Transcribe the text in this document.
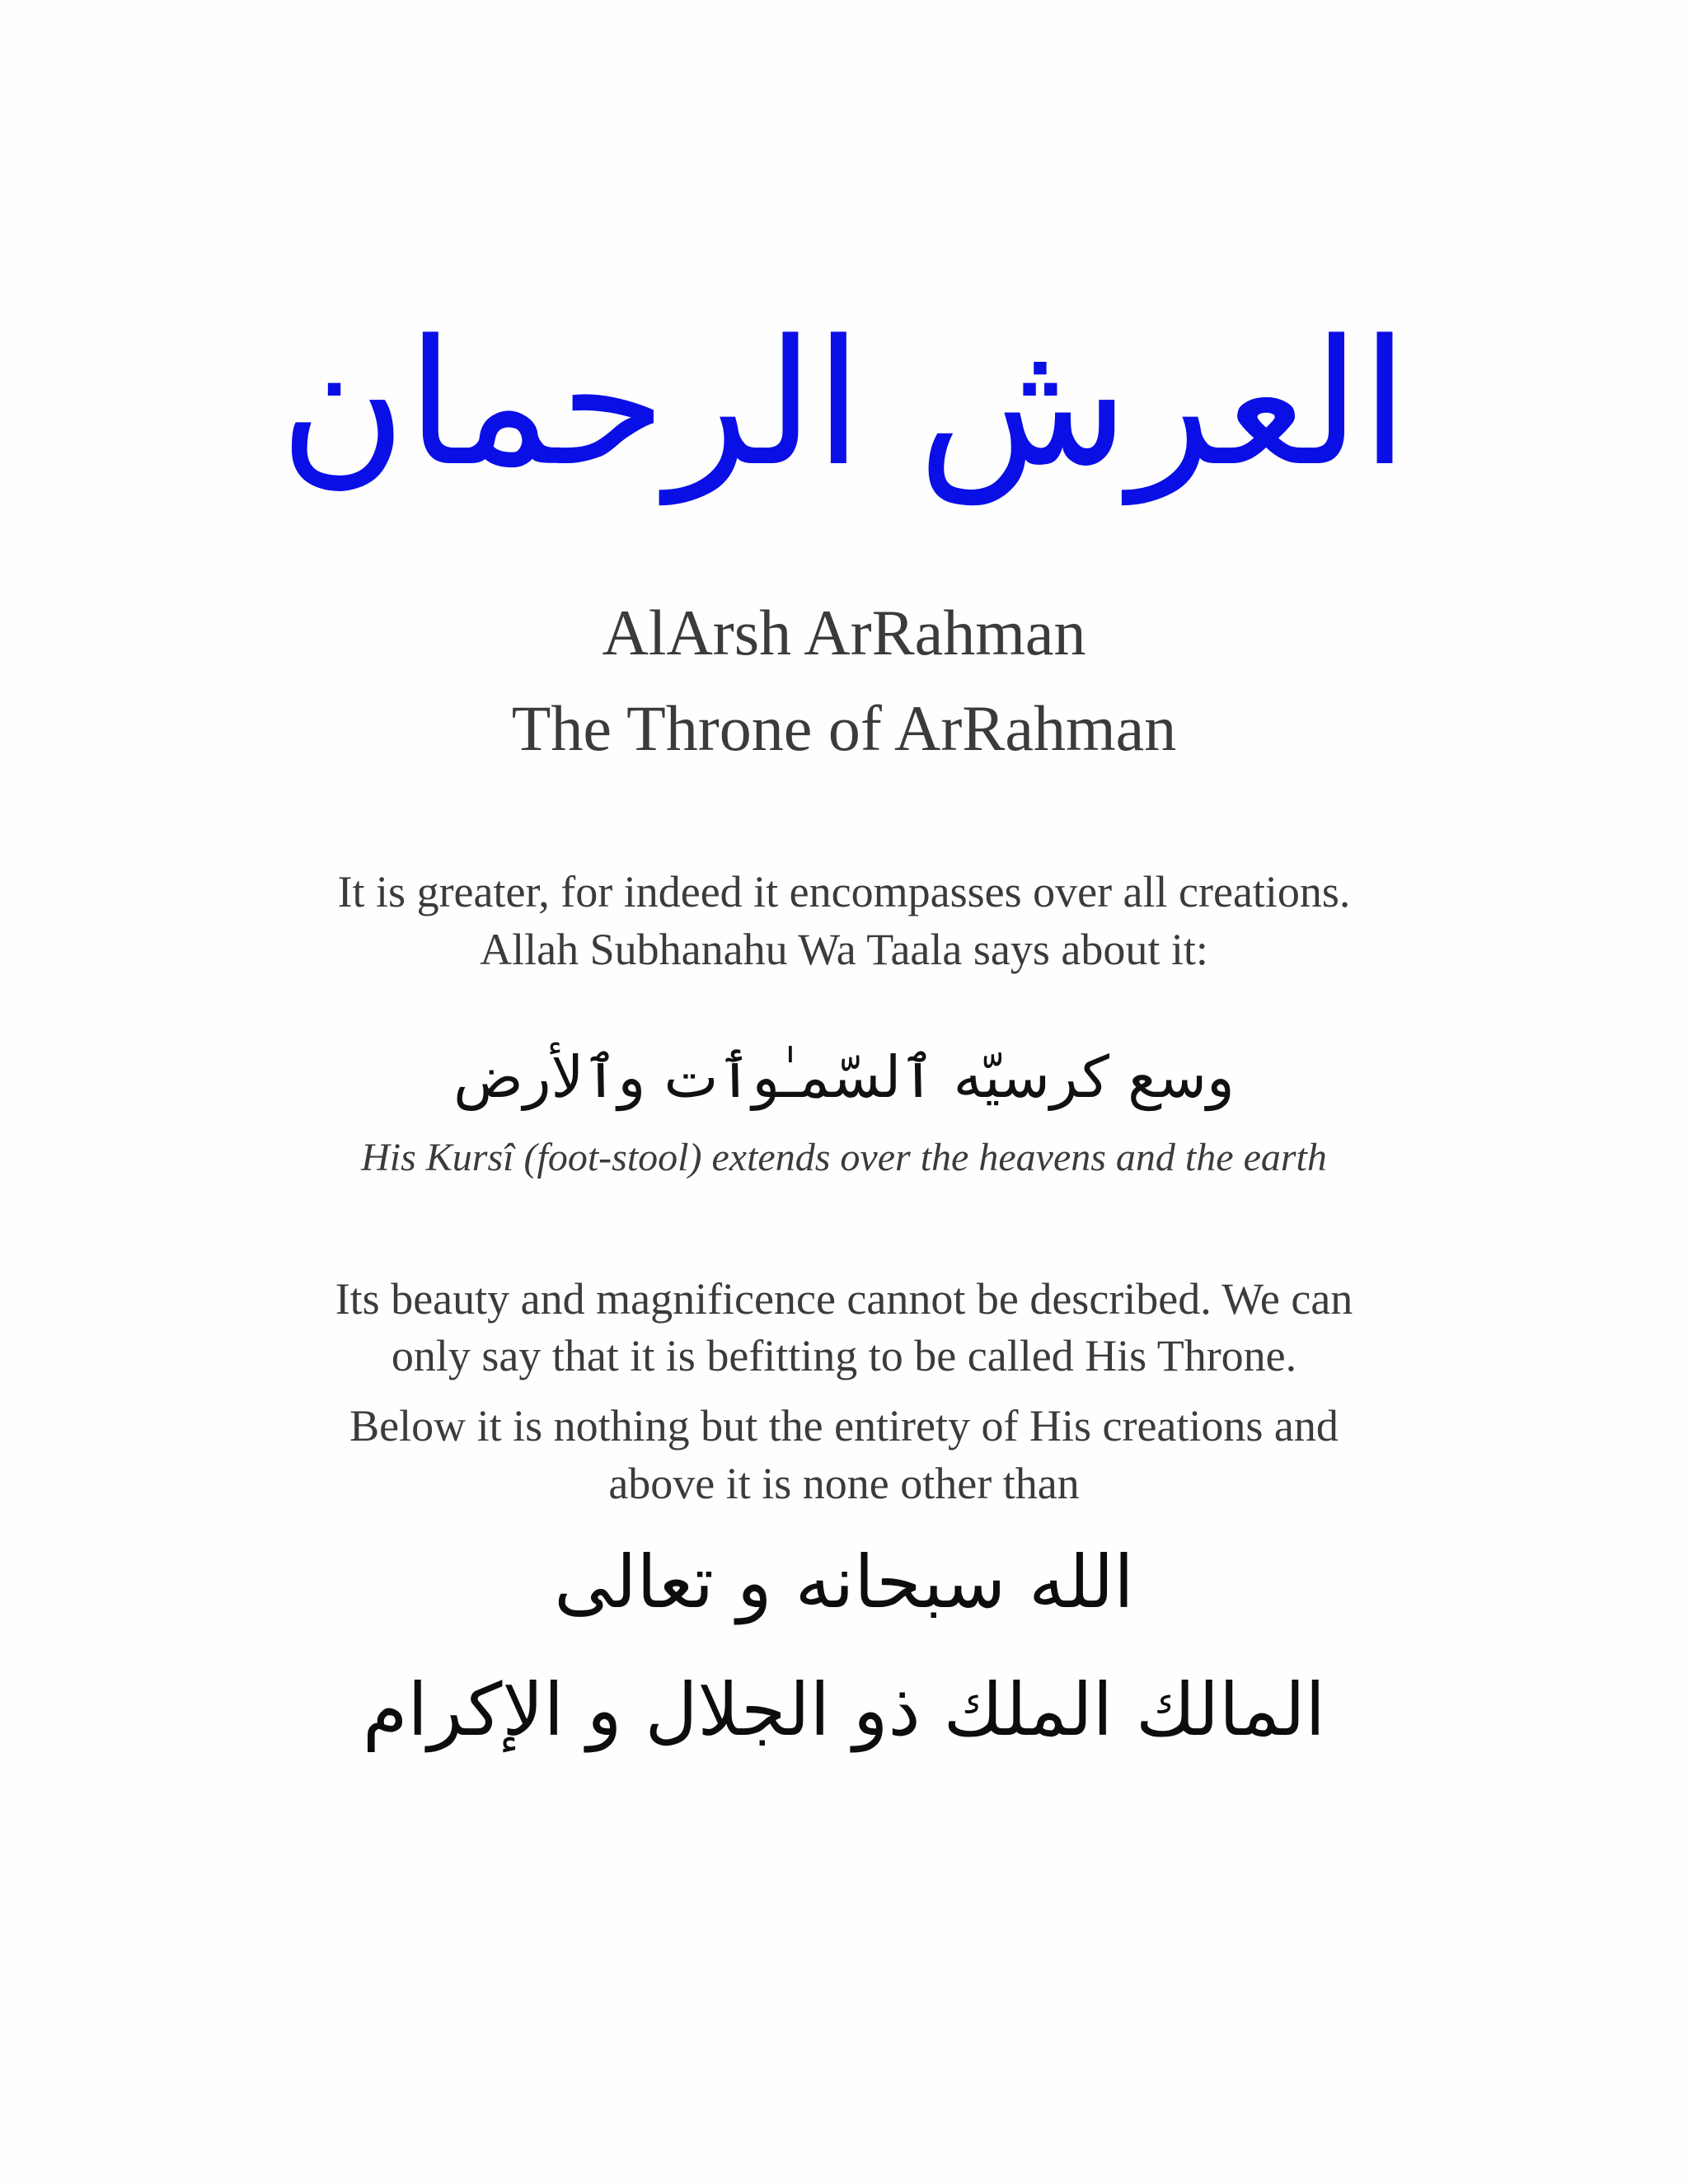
العرش الرحمان
AlArsh ArRahman
The Throne of ArRahman
It is greater, for indeed it encompasses over all creations.
Allah Subhanahu Wa Taala says about it:
وسع كرسيّه ٱلسّمـٰوٲت وٱلأرض
His Kursî (foot-stool) extends over the heavens and the earth
Its beauty and magnificence cannot be described. We can
only say that it is befitting to be called His Throne.
Below it is nothing but the entirety of His creations and
above it is none other than
الله سبحانه و تعالى
المالك الملك ذو الجلال و الإكرام
